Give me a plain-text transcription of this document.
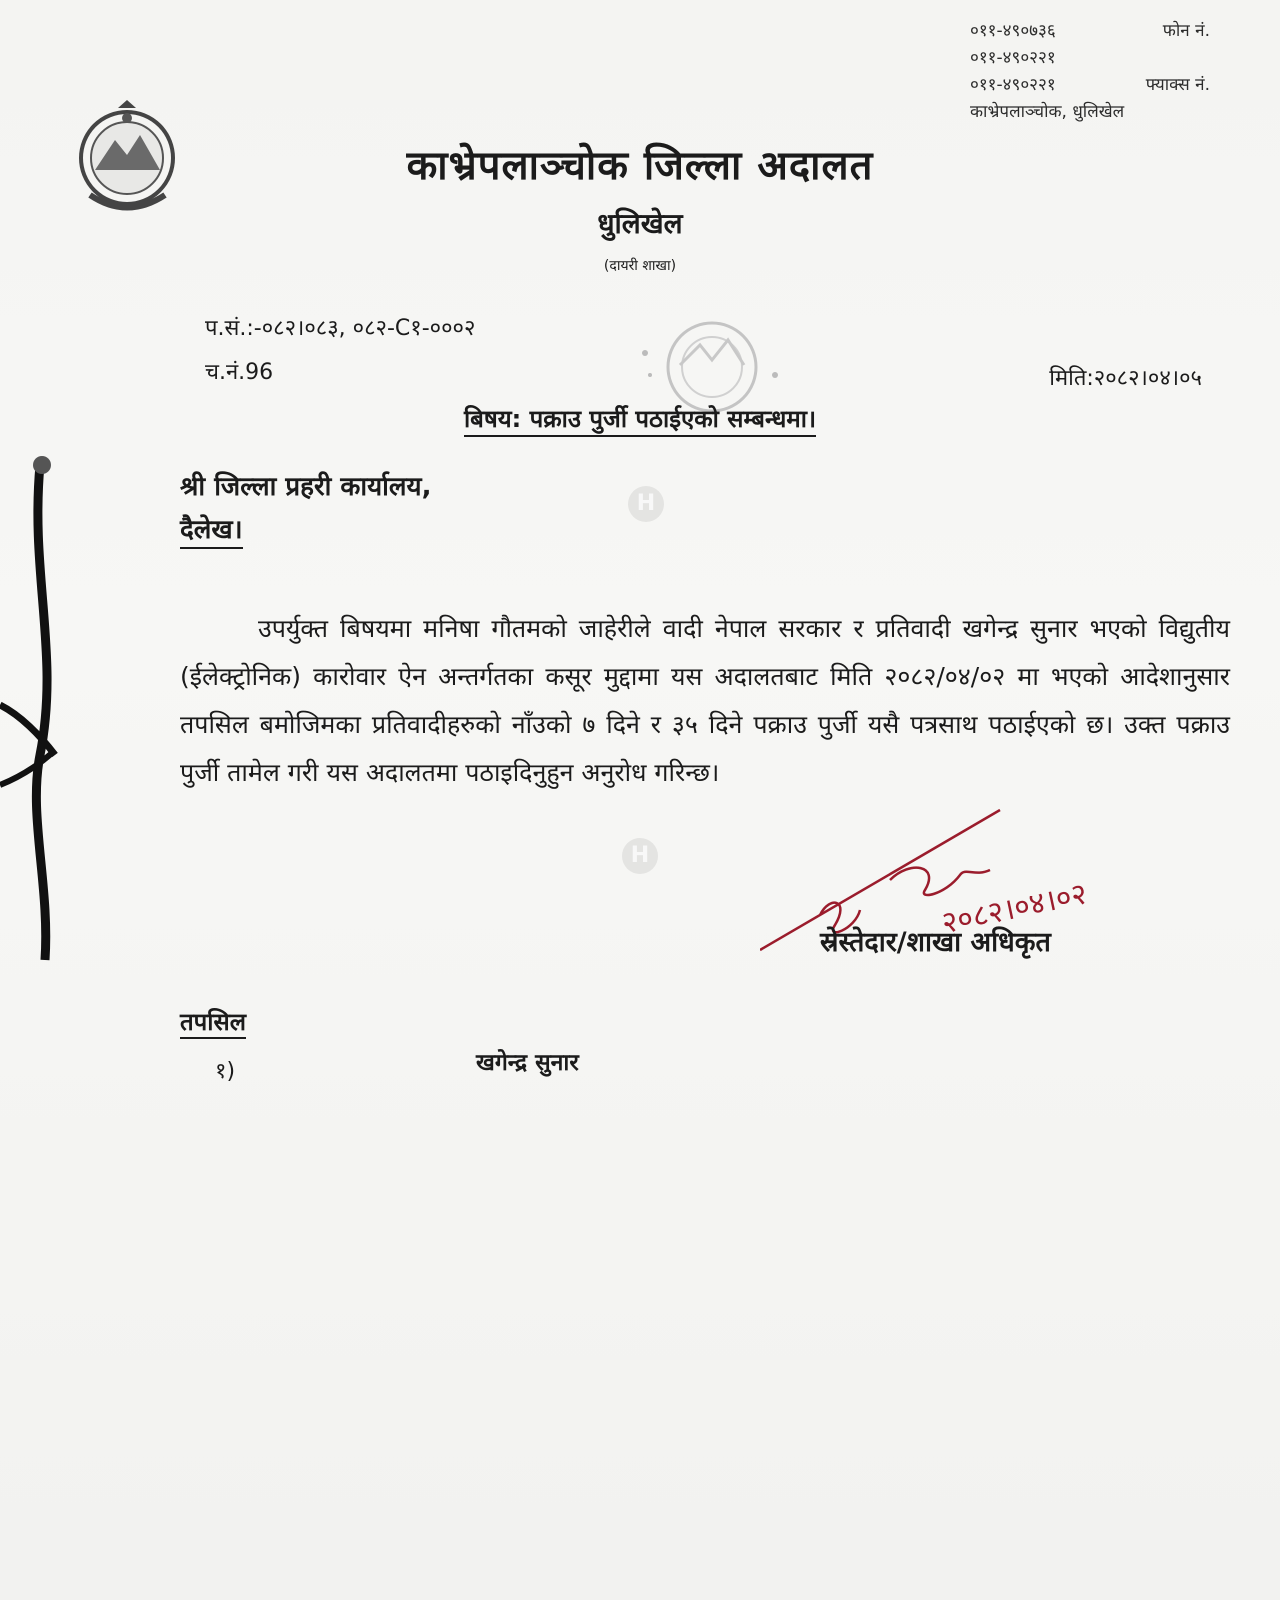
०११-४९०७३६	फोन नं.
०११-४९०२२१
०११-४९०२२१	फ्याक्स नं.
काभ्रेपलाञ्चोक, धुलिखेल
काभ्रेपलाञ्चोक जिल्ला अदालत
धुलिखेल
(दायरी शाखा)
प.सं.:-०८२।०८३, ०८२-C१-०००२
च.नं.96	मिति:२०८२।०४।०५
बिषय: पक्राउ पुर्जी पठाईएको सम्बन्धमा।
श्री जिल्ला प्रहरी कार्यालय,
दैलेख।
H
H
उपर्युक्त बिषयमा मनिषा गौतमको जाहेरीले वादी नेपाल सरकार र प्रतिवादी खगेन्द्र सुनार भएको विद्युतीय (ईलेक्ट्रोनिक) कारोवार ऐन अन्तर्गतका कसूर मुद्दामा यस अदालतबाट मिति २०८२/०४/०२ मा भएको आदेशानुसार तपसिल बमोजिमका प्रतिवादीहरुको नाँउको ७ दिने र ३५ दिने पक्राउ पुर्जी यसै पत्रसाथ पठाईएको छ। उक्त पक्राउ पुर्जी तामेल गरी यस अदालतमा पठाइदिनुहुन अनुरोध गरिन्छ।
२०८२।०४।०२
स्रेस्तेदार/शाखा अधिकृत
तपसिल
१)	खगेन्द्र सुनार
